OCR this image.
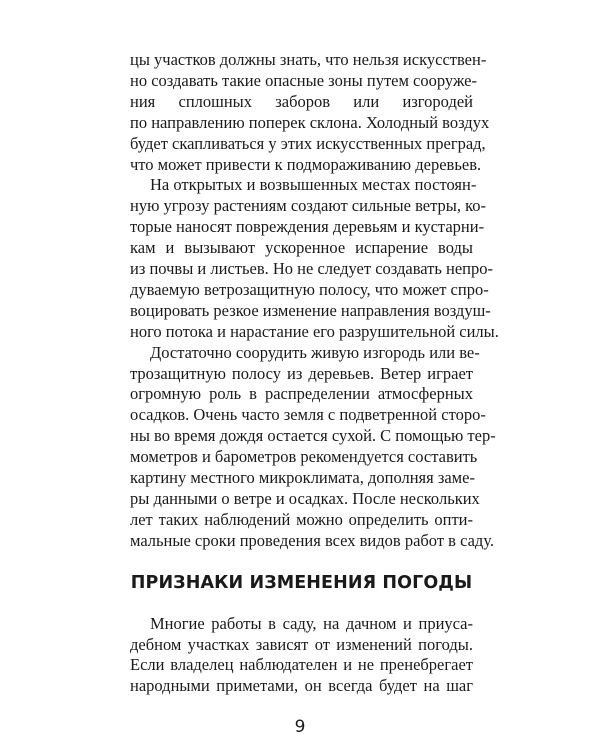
цы участков должны знать, что нельзя искусствен-
но создавать такие опасные зоны путем сооруже-
ния сплошных заборов или изгородей
по направлению поперек склона. Холодный воздух
будет скапливаться у этих искусственных преград,
что может привести к подмораживанию деревьев.
На открытых и возвышенных местах постоян-
ную угрозу растениям создают сильные ветры, ко-
торые наносят повреждения деревьям и кустарни-
кам и вызывают ускоренное испарение воды
из почвы и листьев. Но не следует создавать непро-
дуваемую ветрозащитную полосу, что может спро-
воцировать резкое изменение направления воздуш-
ного потока и нарастание его разрушительной силы.
Достаточно соорудить живую изгородь или ве-
трозащитную полосу из деревьев. Ветер играет
огромную роль в распределении атмосферных
осадков. Очень часто земля с подветренной сторо-
ны во время дождя остается сухой. С помощью тер-
мометров и барометров рекомендуется составить
картину местного микроклимата, дополняя заме-
ры данными о ветре и осадках. После нескольких
лет таких наблюдений можно определить опти-
мальные сроки проведения всех видов работ в саду.
ПРИЗНАКИ ИЗМЕНЕНИЯ ПОГОДЫ
Многие работы в саду, на дачном и приуса-
дебном участках зависят от изменений погоды.
Если владелец наблюдателен и не пренебрегает
народными приметами, он всегда будет на шаг
9
